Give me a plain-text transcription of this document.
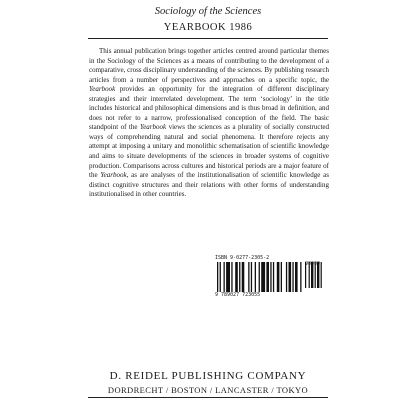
Sociology of the Sciences
YEARBOOK 1986

This annual publication brings together articles centred around particular themes in the Sociology of the Sciences as a means of contributing to the development of a comparative, cross disciplinary understanding of the sciences. By publishing research articles from a number of perspectives and approaches on a specific topic, the Yearbook provides an opportunity for the integration of different disciplinary strategies and their interrelated development. The term ‘sociology’ in the title includes historical and philosophical dimensions and is thus broad in definition, and does not refer to a narrow, professionalised conception of the field. The basic standpoint of the Yearbook views the sciences as a plurality of socially constructed ways of comprehending natural and social phenomena. It therefore rejects any attempt at imposing a unitary and monolithic schematisation of scientific knowledge and aims to situate developments of the sciences in broader systems of cognitive production. Comparisons across cultures and historical periods are a major feature of the Yearbook, as are analyses of the institutionalisation of scientific knowledge as distinct cognitive structures and their relations with other forms of understanding institutionalised in other countries.

ISBN 9-0277-2305-2
9 789027 723055
D. REIDEL PUBLISHING COMPANY
DORDRECHT / BOSTON / LANCASTER / TOKYO
